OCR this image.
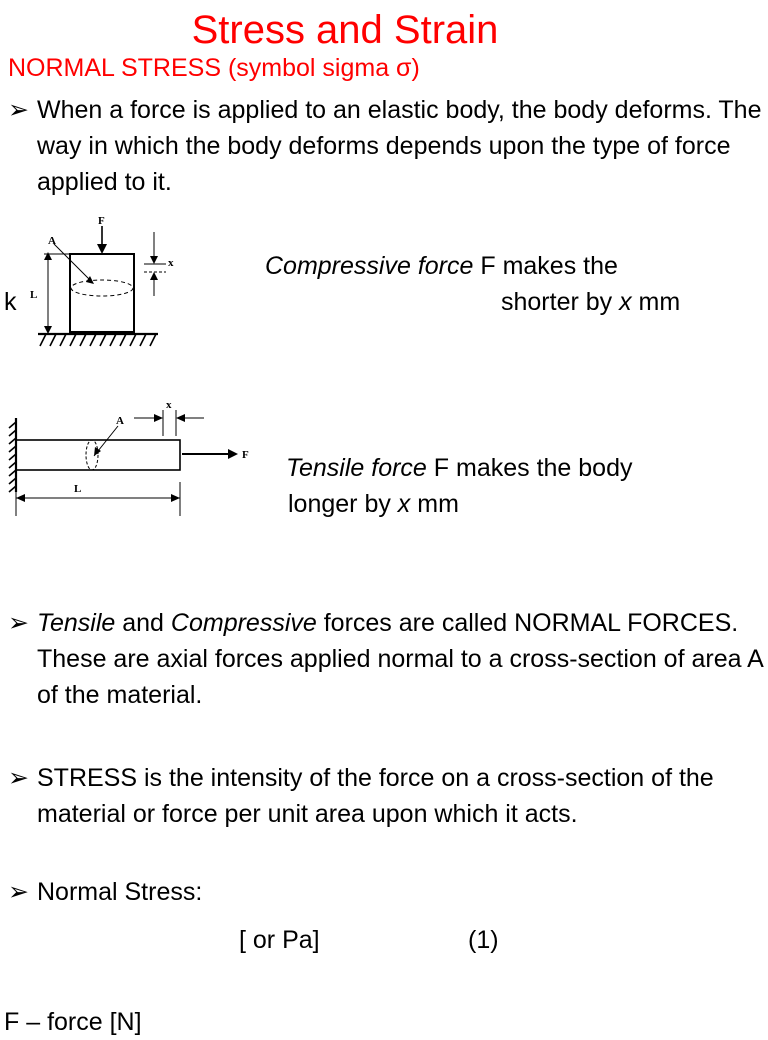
Stress and Strain
NORMAL STRESS (symbol sigma σ)
➢ When a force is applied to an elastic body, the body deforms. The way in which the body deforms depends upon the type of force applied to it.
F
A
L
x
k
Compressive force F makes the
shorter by x mm
F
A
L
x
Tensile force F makes the body
longer by x mm
➢ Tensile and Compressive forces are called NORMAL FORCES. These are axial forces applied normal to a cross-section of area A of the material.
➢ STRESS is the intensity of the force on a cross-section of the material or force per unit area upon which it acts.
➢ Normal Stress:
[ or Pa]	(1)
F – force [N]
